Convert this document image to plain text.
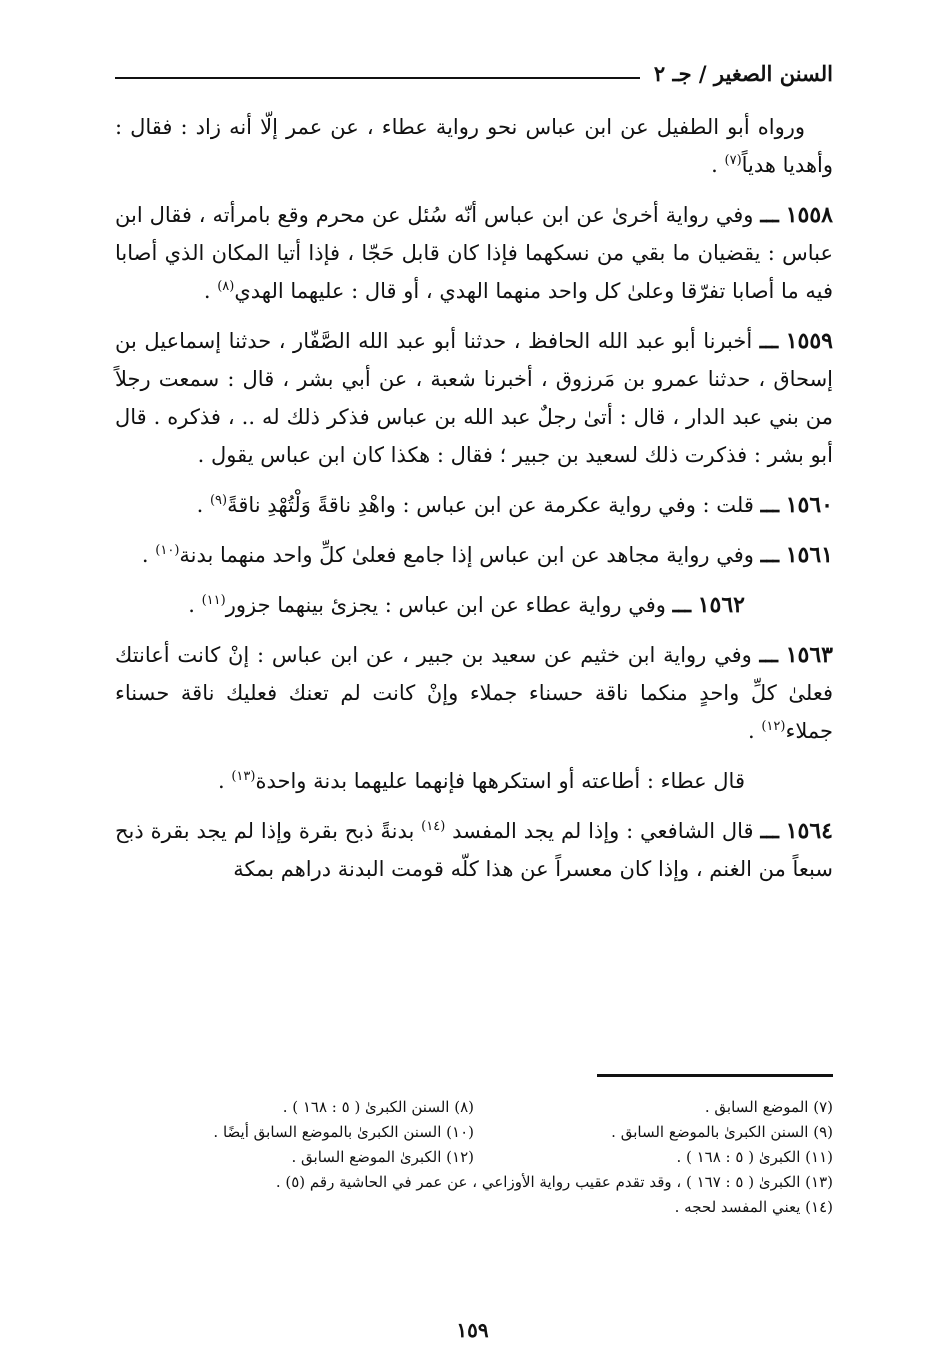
السنن الصغير / جـ ٢

ورواه أبو الطفيل عن ابن عباس نحو رواية عطاء ، عن عمر إلّا أنه زاد : فقال : وأهديا هدياً$^{(٧)}$ .

١٥٥٨ ـــ وفي رواية أخرىٰ عن ابن عباس أنّه سُئل عن محرم وقع بامرأته ، فقال ابن عباس : يقضيان ما بقي من نسكهما فإذا كان قابل حَجّا ، فإذا أتيا المكان الذي أصابا فيه ما أصابا تفرّقا وعلىٰ كل واحد منهما الهدي ، أو قال : عليهما الهدي$^{(٨)}$ .

١٥٥٩ ـــ أخبرنا أبو عبد الله الحافظ ، حدثنا أبو عبد الله الصَّفّار ، حدثنا إسماعيل بن إسحاق ، حدثنا عمرو بن مَرزوق ، أخبرنا شعبة ، عن أبي بشر ، قال : سمعت رجلاً من بني عبد الدار ، قال : أتىٰ رجلٌ عبد الله بن عباس فذكر ذلك له .. ، فذكره . قال أبو بشر : فذكرت ذلك لسعيد بن جبير ؛ فقال : هكذا كان ابن عباس يقول .

١٥٦٠ ـــ قلت : وفي رواية عكرمة عن ابن عباس : واهْدِ ناقةً وَلْتُهْدِ ناقةً$^{(٩)}$ .

١٥٦١ ـــ وفي رواية مجاهد عن ابن عباس إذا جامع فعلىٰ كلِّ واحد منهما بدنة$^{(١٠)}$ .

١٥٦٢ ـــ وفي رواية عطاء عن ابن عباس : يجزئ بينهما جزور$^{(١١)}$ .

١٥٦٣ ـــ وفي رواية ابن خثيم عن سعيد بن جبير ، عن ابن عباس : إنْ كانت أعانتك فعلىٰ كلِّ واحدٍ منكما ناقة حسناء جملاء وإنْ كانت لم تعنك فعليك ناقة حسناء جملاء$^{(١٢)}$ .

قال عطاء : أطاعته أو استكرهها فإنهما عليهما بدنة واحدة$^{(١٣)}$ .

١٥٦٤ ـــ قال الشافعي : وإذا لم يجد المفسد $^{(١٤)}$ بدنةً ذبح بقرة وإذا لم يجد بقرة ذبح سبعاً من الغنم ، وإذا كان معسراً عن هذا كلّه قومت البدنة دراهم بمكة

(٧) الموضع السابق .
(٨) السنن الكبرىٰ ( ٥ : ١٦٨ ) .
(٩) السنن الكبرىٰ بالموضع السابق .
(١٠) السنن الكبرىٰ بالموضع السابق أيضًا .
(١١) الكبرىٰ ( ٥ : ١٦٨ ) .
(١٢) الكبرىٰ الموضع السابق .
(١٣) الكبرىٰ ( ٥ : ١٦٧ ) ، وقد تقدم عقيب رواية الأوزاعي ، عن عمر في الحاشية رقم (٥) .
(١٤) يعني المفسد لحجه .
١٥٩
